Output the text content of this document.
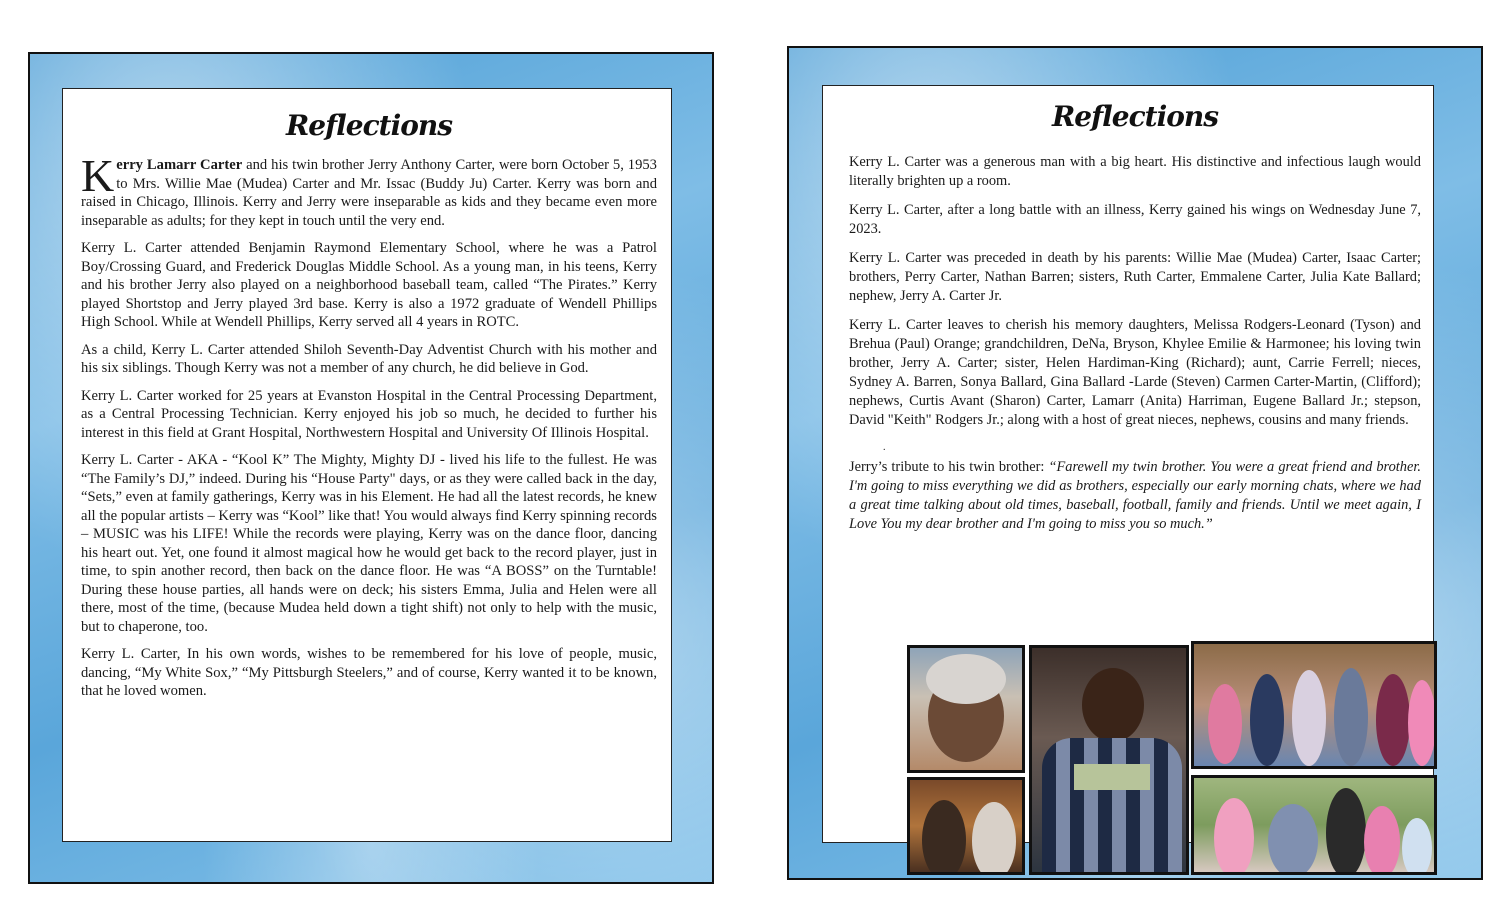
Reflections

Kerry Lamarr Carter and his twin brother Jerry Anthony Carter, were born October 5, 1953 to Mrs. Willie Mae (Mudea) Carter and Mr. Issac (Buddy Ju) Carter. Kerry was born and raised in Chicago, Illinois. Kerry and Jerry were inseparable as kids and they became even more inseparable as adults; for they kept in touch until the very end.

Kerry L. Carter attended Benjamin Raymond Elementary School, where he was a Patrol Boy/Crossing Guard, and Frederick Douglas Middle School. As a young man, in his teens, Kerry and his brother Jerry also played on a neighborhood baseball team, called “The Pirates.” Kerry played Shortstop and Jerry played 3rd base. Kerry is also a 1972 graduate of Wendell Phillips High School. While at Wendell Phillips, Kerry served all 4 years in ROTC.

As a child, Kerry L. Carter attended Shiloh Seventh-Day Adventist Church with his mother and his six siblings. Though Kerry was not a member of any church, he did believe in God.

Kerry L. Carter worked for 25 years at Evanston Hospital in the Central Processing Department, as a Central Processing Technician. Kerry enjoyed his job so much, he decided to further his interest in this field at Grant Hospital, Northwestern Hospital and University Of Illinois Hospital.

Kerry L. Carter - AKA - “Kool K” The Mighty, Mighty DJ - lived his life to the fullest. He was “The Family’s DJ,” indeed. During his “House Party" days, or as they were called back in the day, “Sets,” even at family gatherings, Kerry was in his Element. He had all the latest records, he knew all the popular artists – Kerry was “Kool” like that! You would always find Kerry spinning records – MUSIC was his LIFE! While the records were playing, Kerry was on the dance floor, dancing his heart out. Yet, one found it almost magical how he would get back to the record player, just in time, to spin another record, then back on the dance floor. He was “A BOSS” on the Turntable! During these house parties, all hands were on deck; his sisters Emma, Julia and Helen were all there, most of the time, (because Mudea held down a tight shift) not only to help with the music, but to chaperone, too.

Kerry L. Carter, In his own words, wishes to be remembered for his love of people, music, dancing, “My White Sox,” “My Pittsburgh Steelers,” and of course, Kerry wanted it to be known, that he loved women.

Reflections

Kerry L. Carter was a generous man with a big heart. His distinctive and infectious laugh would literally brighten up a room.

Kerry L. Carter, after a long battle with an illness, Kerry gained his wings on Wednesday June 7, 2023.

Kerry L. Carter was preceded in death by his parents: Willie Mae (Mudea) Carter, Isaac Carter; brothers, Perry Carter, Nathan Barren; sisters, Ruth Carter, Emmalene Carter, Julia Kate Ballard; nephew, Jerry A. Carter Jr.

Kerry L. Carter leaves to cherish his memory daughters, Melissa Rodgers-Leonard (Tyson) and Brehua (Paul) Orange; grandchildren, DeNa, Bryson, Khylee Emilie & Harmonee; his loving twin brother, Jerry A. Carter; sister, Helen Hardiman-King (Richard); aunt, Carrie Ferrell; nieces, Sydney A. Barren, Sonya Ballard, Gina Ballard -Larde (Steven) Carmen Carter-Martin, (Clifford); nephews, Curtis Avant (Sharon) Carter, Lamarr (Anita) Harriman, Eugene Ballard Jr.; stepson, David "Keith" Rodgers Jr.; along with a host of great nieces, nephews, cousins and many friends.

.

Jerry’s tribute to his twin brother: “Farewell my twin brother. You were a great friend and brother. I'm going to miss everything we did as brothers, especially our early morning chats, where we had a great time talking about old times, baseball, football, family and friends. Until we meet again, I Love You my dear brother and I'm going to miss you so much.”
